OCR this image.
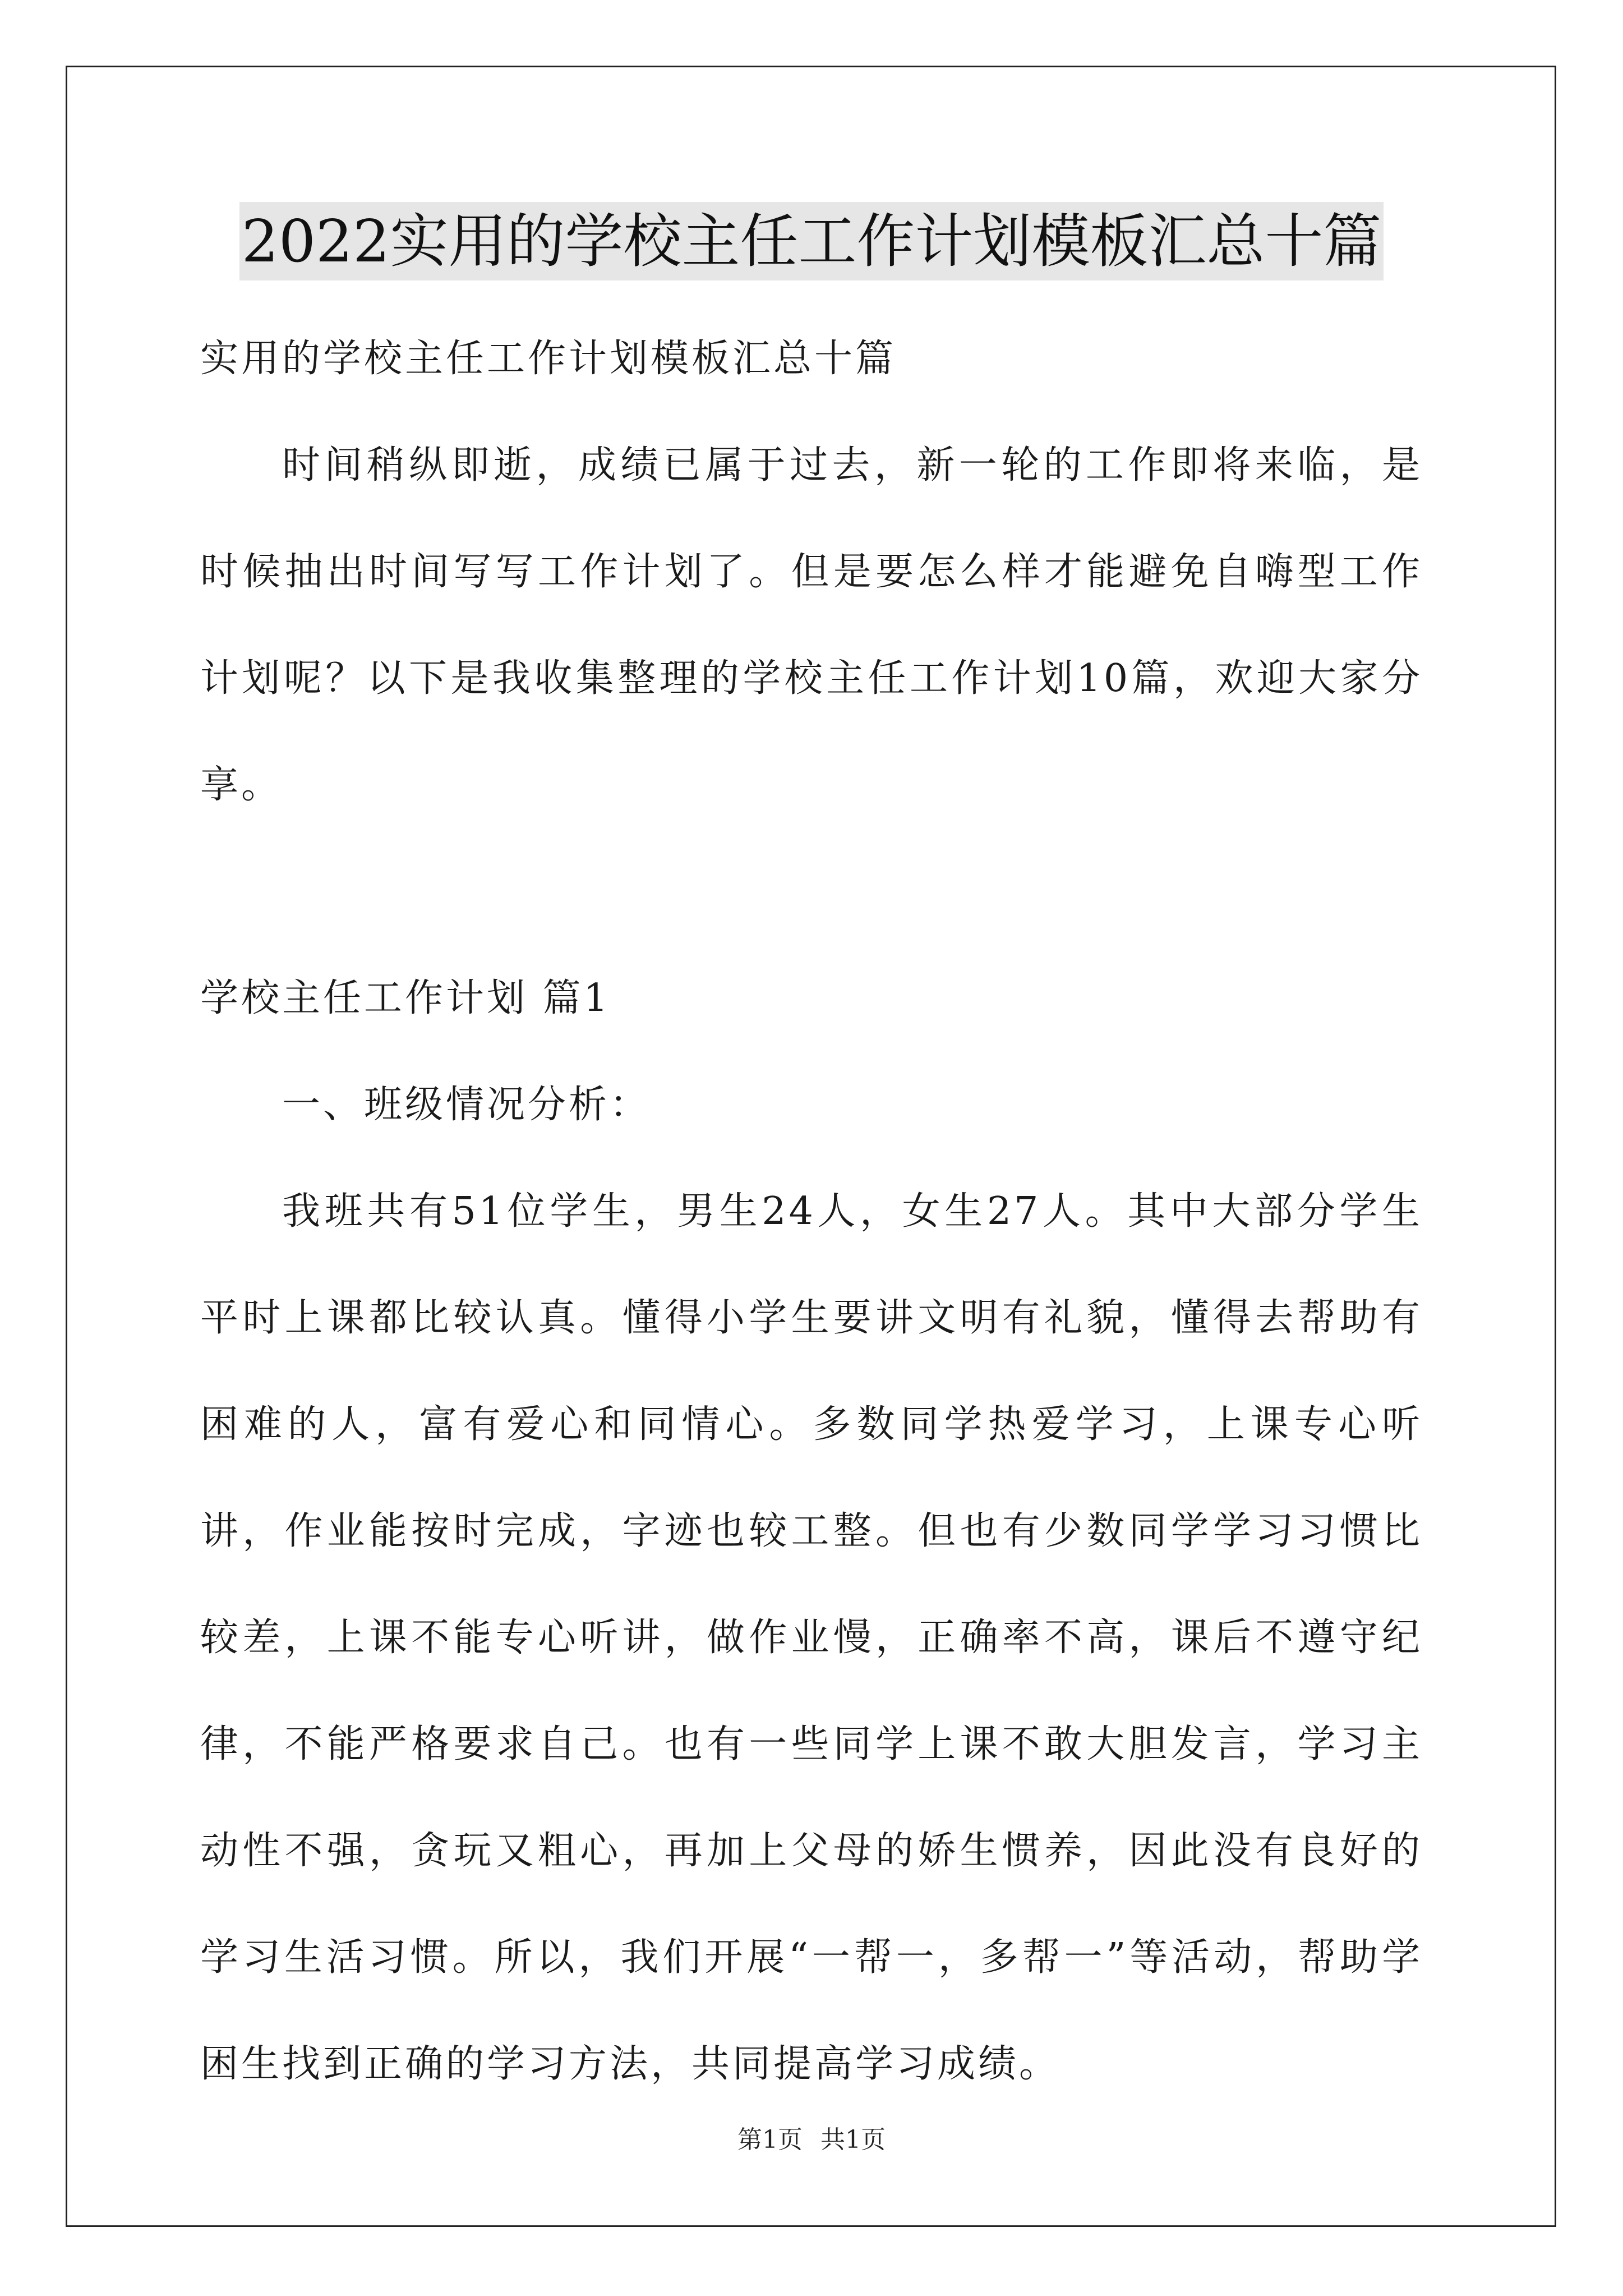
2022实用的学校主任工作计划模板汇总十篇

实用的学校主任工作计划模板汇总十篇

时间稍纵即逝，成绩已属于过去，新一轮的工作即将来临，是时候抽出时间写写工作计划了。但是要怎么样才能避免自嗨型工作计划呢？以下是我收集整理的学校主任工作计划10篇，欢迎大家分享。

学校主任工作计划 篇1

一、班级情况分析：

我班共有51位学生，男生24人，女生27人。其中大部分学生平时上课都比较认真。懂得小学生要讲文明有礼貌，懂得去帮助有困难的人，富有爱心和同情心。多数同学热爱学习，上课专心听讲，作业能按时完成，字迹也较工整。但也有少数同学学习习惯比较差，上课不能专心听讲，做作业慢，正确率不高，课后不遵守纪律，不能严格要求自己。也有一些同学上课不敢大胆发言，学习主动性不强，贪玩又粗心，再加上父母的娇生惯养，因此没有良好的学习生活习惯。所以，我们开展“一帮一，多帮一”等活动，帮助学困生找到正确的学习方法，共同提高学习成绩。

第1页 共1页
